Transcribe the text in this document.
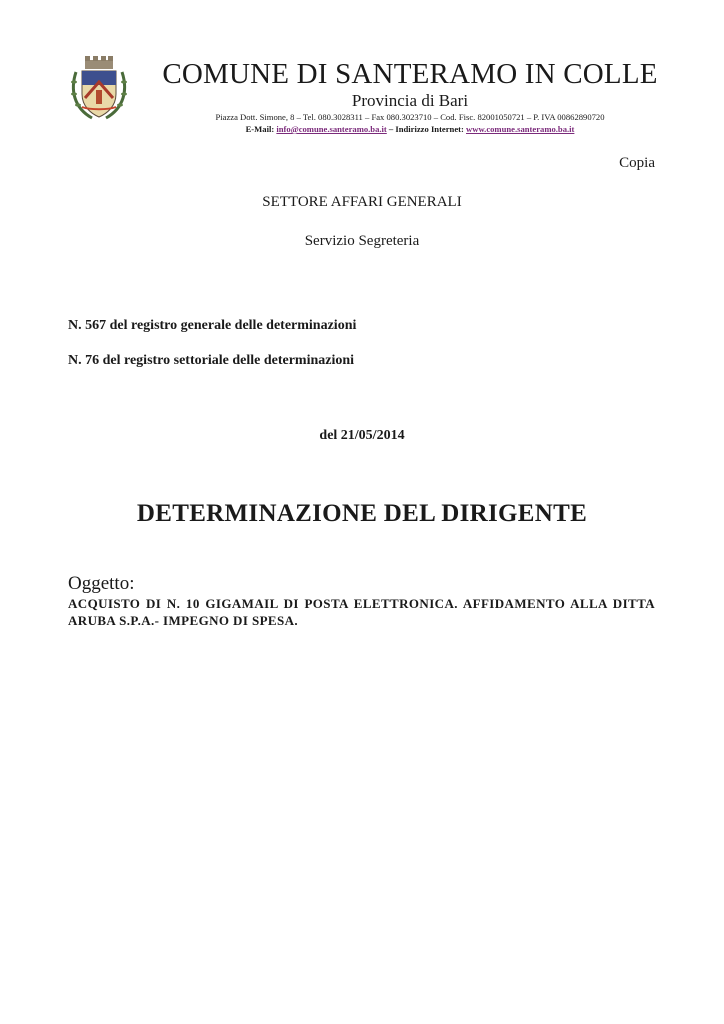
COMUNE DI SANTERAMO IN COLLE
Provincia di Bari
Piazza Dott. Simone, 8 – Tel. 080.3028311 – Fax 080.3023710 – Cod. Fisc. 82001050721 – P. IVA 00862890720
E-Mail: info@comune.santeramo.ba.it – Indirizzo Internet: www.comune.santeramo.ba.it
Copia
SETTORE AFFARI GENERALI
Servizio Segreteria
N. 567 del registro generale delle determinazioni
N. 76 del registro settoriale delle determinazioni
del 21/05/2014
DETERMINAZIONE DEL DIRIGENTE
Oggetto:

ACQUISTO DI N. 10 GIGAMAIL DI POSTA ELETTRONICA. AFFIDAMENTO ALLA DITTA ARUBA S.P.A.- IMPEGNO DI SPESA.
